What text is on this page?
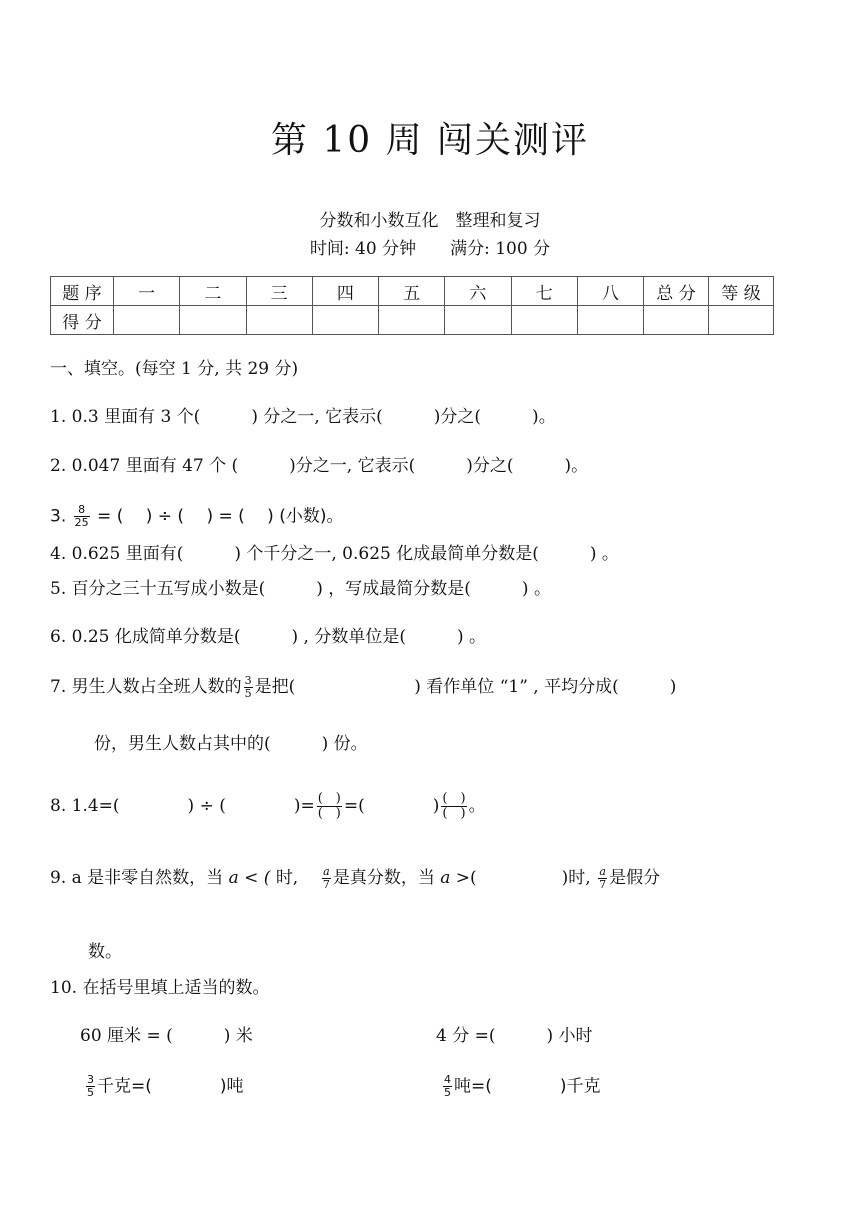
第 10 周 闯关测评
分数和小数互化　整理和复习
时间: 40 分钟　　满分: 100 分
题 序	一	二	三	四	五	六	七	八	总 分	等 级
得 分										
一、填空。(每空 1 分, 共 29 分)
1. 0.3 里面有 3 个(　　　) 分之一, 它表示(　　　)分之(　　　)。
2. 0.047 里面有 47 个 (　　　)分之一, 它表示(　　　)分之(　　　)。
3. $\frac{8}{25}$ = (　 ) ÷ (　 ) = (　 ) (小数)。
4. 0.625 里面有(　　　) 个千分之一, 0.625 化成最简单分数是(　　　) 。
5. 百分之三十五写成小数是(　　　) ，写成最简分数是(　　　) 。
6. 0.25 化成简单分数是(　　　) , 分数单位是(　　　) 。
7. 男生人数占全班人数的 $\frac{3}{5}$ 是把(　　　　　　　) 看作单位 “1” , 平均分成(　　　)
份，男生人数占其中的(　　　) 份。
8. 1.4=(　　　　) ÷ (　　　　)= $\frac{( )}{( )}$ =(　　　　) $\frac{( )}{( )}$ 。
9. a 是非零自然数，当 a < ( 时, $\frac{a}{7}$ 是真分数，当 a >(　　　　　)时, $\frac{a}{7}$ 是假分
数。
10. 在括号里填上适当的数。
60 厘米 = (　　　) 米	4 分 =(　　　) 小时
$\frac{3}{5}$ 千克=(　　　　)吨	$\frac{4}{5}$ 吨=(　　　　)千克
